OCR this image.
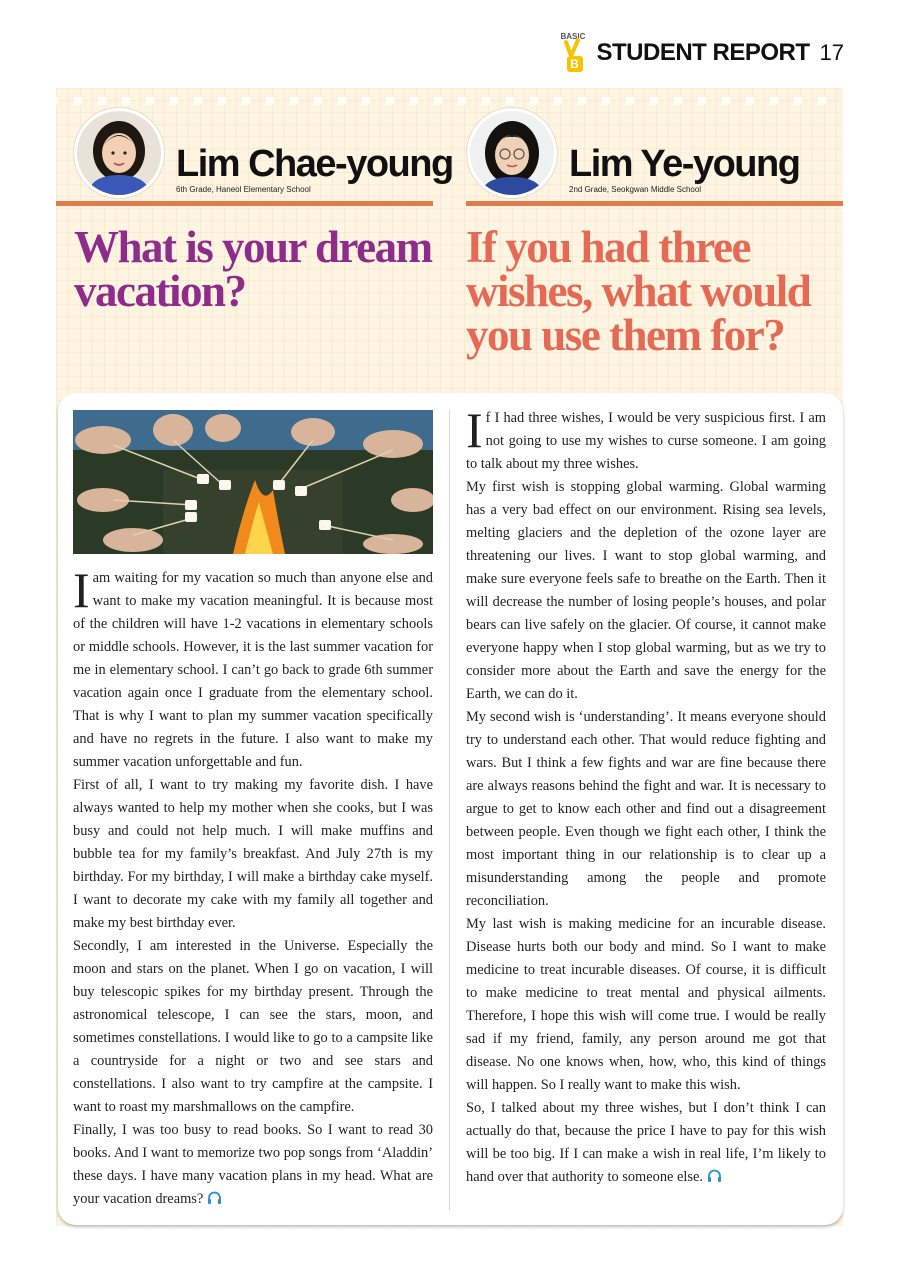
BASIC
B STUDENT REPORT 17
Lim Chae-young
6th Grade, Haneol Elementary School
Lim Ye-young
2nd Grade, Seokgwan Middle School
What is your dream vacation?
If you had three wishes, what would you use them for?

Iam waiting for my vacation so much than anyone else and want to make my vacation meaningful. It is because most of the children will have 1-2 vacations in elementary schools or middle schools. However, it is the last summer vacation for me in elementary school. I can’t go back to grade 6th summer vacation again once I graduate from the elementary school. That is why I want to plan my summer vacation specifically and have no regrets in the future. I also want to make my summer vacation unforgettable and fun.

First of all, I want to try making my favorite dish. I have always wanted to help my mother when she cooks, but I was busy and could not help much. I will make muffins and bubble tea for my family’s breakfast. And July 27th is my birthday. For my birthday, I will make a birthday cake myself. I want to decorate my cake with my family all together and make my best birthday ever.

Secondly, I am interested in the Universe. Especially the moon and stars on the planet. When I go on vacation, I will buy telescopic spikes for my birthday present. Through the astronomical telescope, I can see the stars, moon, and sometimes constellations. I would like to go to a campsite like a countryside for a night or two and see stars and constellations. I also want to try campfire at the campsite. I want to roast my marshmallows on the campfire.

Finally, I was too busy to read books. So I want to read 30 books. And I want to memorize two pop songs from ‘Aladdin’ these days. I have many vacation plans in my head. What are your vacation dreams?

If I had three wishes, I would be very suspicious first. I am not going to use my wishes to curse someone. I am going to talk about my three wishes.

My first wish is stopping global warming. Global warming has a very bad effect on our environment. Rising sea levels, melting glaciers and the depletion of the ozone layer are threatening our lives. I want to stop global warming, and make sure everyone feels safe to breathe on the Earth. Then it will decrease the number of losing people’s houses, and polar bears can live safely on the glacier. Of course, it cannot make everyone happy when I stop global warming, but as we try to consider more about the Earth and save the energy for the Earth, we can do it.

My second wish is ‘understanding’. It means everyone should try to understand each other. That would reduce fighting and wars. But I think a few fights and war are fine because there are always reasons behind the fight and war. It is necessary to argue to get to know each other and find out a disagreement between people. Even though we fight each other, I think the most important thing in our relationship is to clear up a misunderstanding among the people and promote reconciliation.

My last wish is making medicine for an incurable disease. Disease hurts both our body and mind. So I want to make medicine to treat incurable diseases. Of course, it is difficult to make medicine to treat mental and physical ailments. Therefore, I hope this wish will come true. I would be really sad if my friend, family, any person around me got that disease. No one knows when, how, who, this kind of things will happen. So I really want to make this wish.

So, I talked about my three wishes, but I don’t think I can actually do that, because the price I have to pay for this wish will be too big. If I can make a wish in real life, I’m likely to hand over that authority to someone else.
